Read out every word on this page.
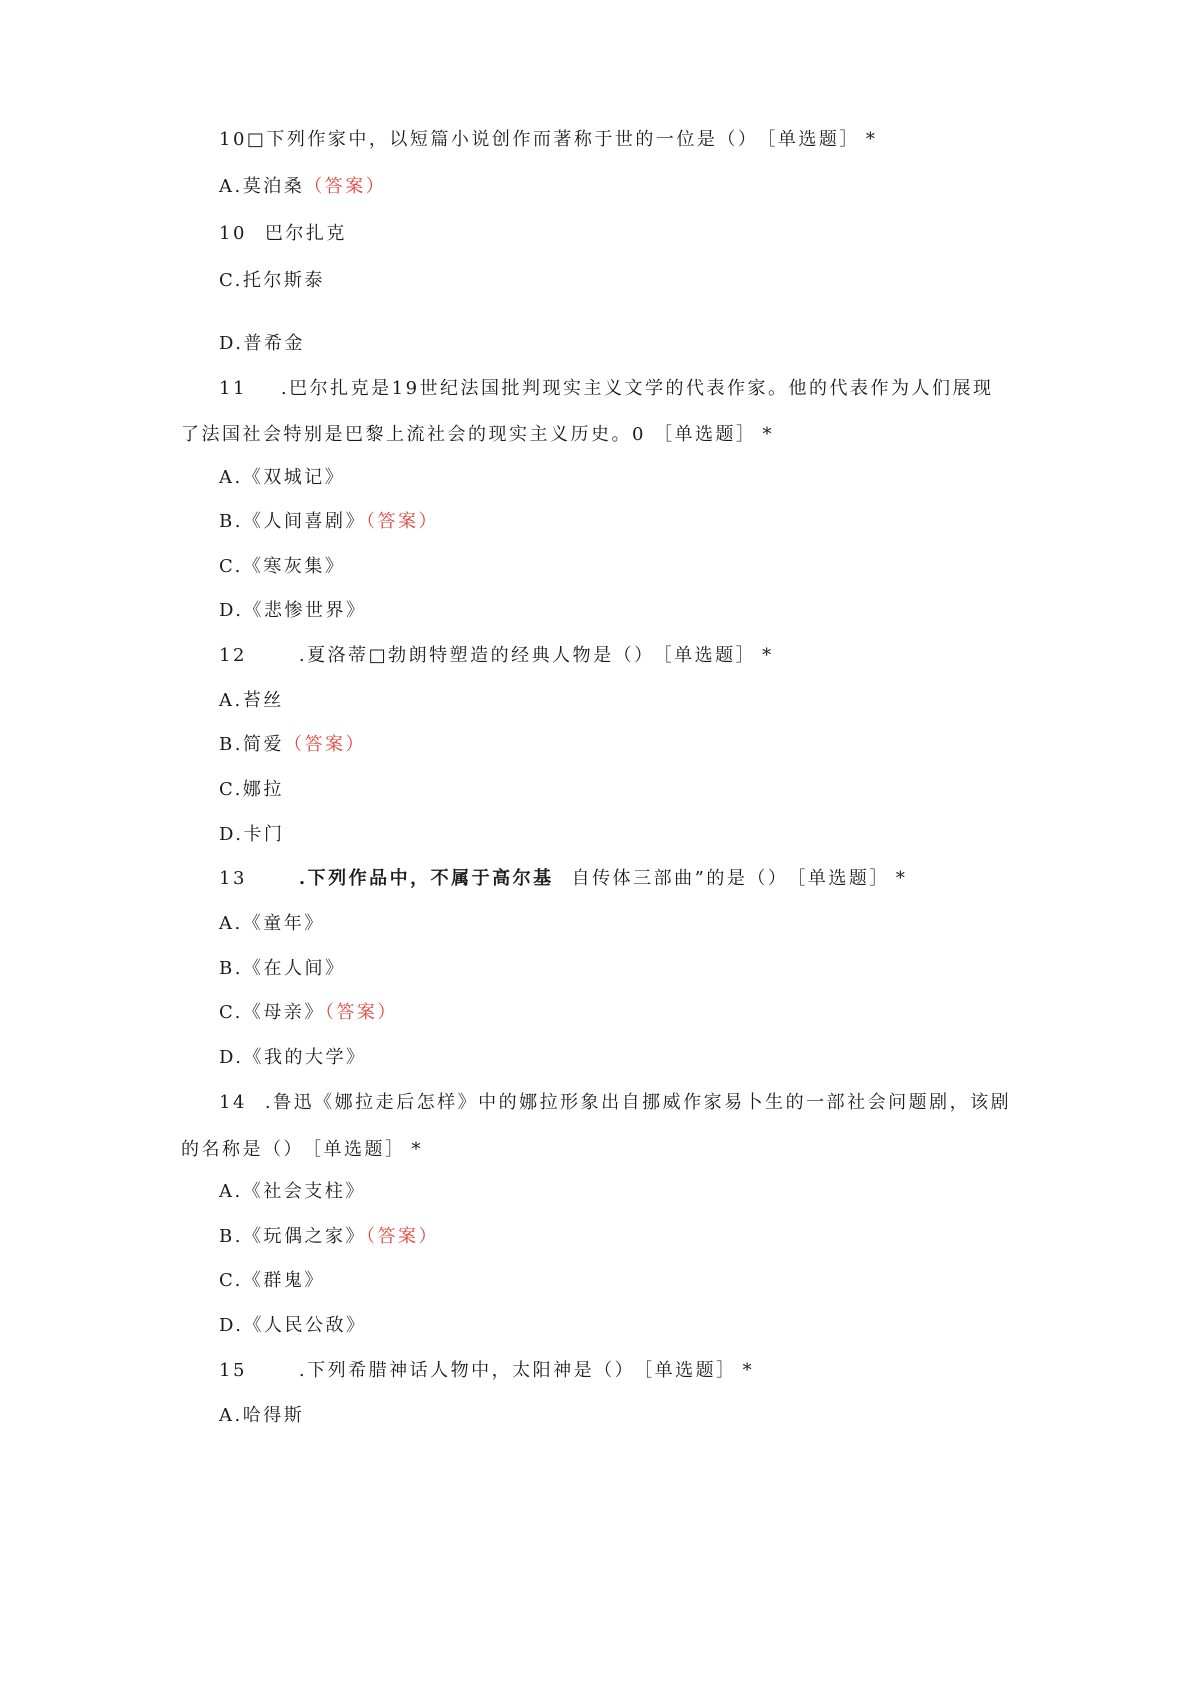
10□下列作家中，以短篇小说创作而著称于世的一位是（） ［单选题］ *
A.莫泊桑（答案）
10 巴尔扎克
C.托尔斯泰
D.普希金
11 .巴尔扎克是19世纪法国批判现实主义文学的代表作家。他的代表作为人们展现
了法国社会特别是巴黎上流社会的现实主义历史。0 ［单选题］ *
A.《双城记》
B.《人间喜剧》（答案）
C.《寒灰集》
D.《悲惨世界》
12	.夏洛蒂□勃朗特塑造的经典人物是（） ［单选题］ *
A.苔丝
B.简爱（答案）
C.娜拉
D.卡门
13	.下列作品中，不属于高尔基 自传体三部曲”的是（） ［单选题］ *
A.《童年》
B.《在人间》
C.《母亲》（答案）
D.《我的大学》
14 .鲁迅《娜拉走后怎样》中的娜拉形象出自挪威作家易卜生的一部社会问题剧，该剧
的名称是（） ［单选题］ *
A.《社会支柱》
B.《玩偶之家》（答案）
C.《群鬼》
D.《人民公敌》
15	.下列希腊神话人物中，太阳神是（） ［单选题］ *
A.哈得斯
